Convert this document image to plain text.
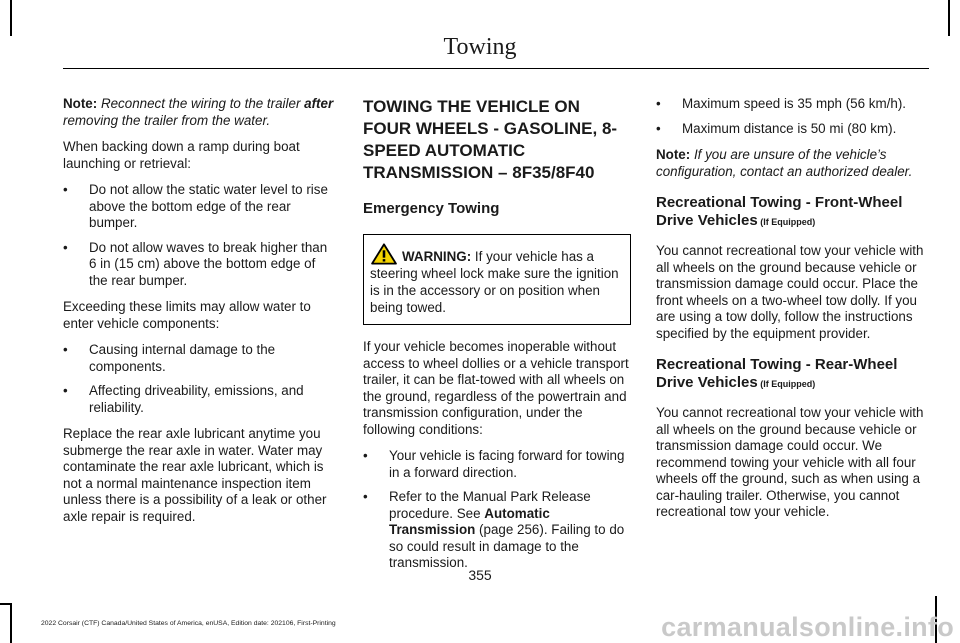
Towing

Note: Reconnect the wiring to the trailer after removing the trailer from the water.

When backing down a ramp during boat launching or retrieval:

• Do not allow the static water level to rise above the bottom edge of the rear bumper.
• Do not allow waves to break higher than 6 in (15 cm) above the bottom edge of the rear bumper.

Exceeding these limits may allow water to enter vehicle components:

• Causing internal damage to the components.
• Affecting driveability, emissions, and reliability.

Replace the rear axle lubricant anytime you submerge the rear axle in water. Water may contaminate the rear axle lubricant, which is not a normal maintenance inspection item unless there is a possibility of a leak or other axle repair is required.

TOWING THE VEHICLE ON FOUR WHEELS - GASOLINE, 8-SPEED AUTOMATIC TRANSMISSION – 8F35/8F40
Emergency Towing
WARNING: If your vehicle has a steering wheel lock make sure the ignition is in the accessory or on position when being towed.

If your vehicle becomes inoperable without access to wheel dollies or a vehicle transport trailer, it can be flat-towed with all wheels on the ground, regardless of the powertrain and transmission configuration, under the following conditions:

• Your vehicle is facing forward for towing in a forward direction.
• Refer to the Manual Park Release procedure. See Automatic Transmission (page 256). Failing to do so could result in damage to the transmission.
• Maximum speed is 35 mph (56 km/h).
• Maximum distance is 50 mi (80 km).

Note: If you are unsure of the vehicle’s configuration, contact an authorized dealer.

Recreational Towing - Front-Wheel Drive Vehicles (If Equipped)

You cannot recreational tow your vehicle with all wheels on the ground because vehicle or transmission damage could occur. Place the front wheels on a two-wheel tow dolly. If you are using a tow dolly, follow the instructions specified by the equipment provider.

Recreational Towing - Rear-Wheel Drive Vehicles (If Equipped)

You cannot recreational tow your vehicle with all wheels on the ground because vehicle or transmission damage could occur. We recommend towing your vehicle with all four wheels off the ground, such as when using a car-hauling trailer. Otherwise, you cannot recreational tow your vehicle.

355
2022 Corsair (CTF) Canada/United States of America, enUSA, Edition date: 202106, First-Printing	carmanualsonline.info
